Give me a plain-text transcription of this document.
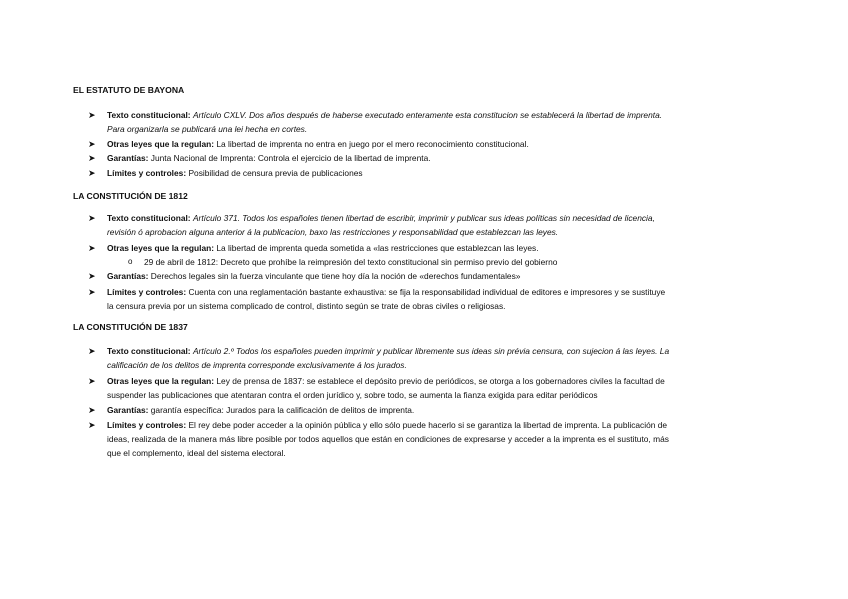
EL ESTATUTO DE BAYONA
➤ Texto constitucional: Artículo CXLV. Dos años después de haberse executado enteramente esta constitucion se establecerá la libertad de imprenta.
Para organizarla se publicará una lei hecha en cortes.
➤ Otras leyes que la regulan: La libertad de imprenta no entra en juego por el mero reconocimiento constitucional.
➤ Garantías: Junta Nacional de Imprenta: Controla el ejercicio de la libertad de imprenta.
➤ Límites y controles: Posibilidad de censura previa de publicaciones
LA CONSTITUCIÓN DE 1812
➤ Texto constitucional: Artículo 371. Todos los españoles tienen libertad de escribir, imprimir y publicar sus ideas políticas sin necesidad de licencia,
revisión ó aprobacion alguna anterior á la publicacion, baxo las restricciones y responsabilidad que establezcan las leyes.
➤ Otras leyes que la regulan: La libertad de imprenta queda sometida a «las restricciones que establezcan las leyes.
o 29 de abril de 1812: Decreto que prohíbe la reimpresión del texto constitucional sin permiso previo del gobierno
➤ Garantías: Derechos legales sin la fuerza vinculante que tiene hoy día la noción de «derechos fundamentales»
➤ Límites y controles: Cuenta con una reglamentación bastante exhaustiva: se fija la responsabilidad individual de editores e impresores y se sustituye
la censura previa por un sistema complicado de control, distinto según se trate de obras civiles o religiosas.
LA CONSTITUCIÓN DE 1837
➤ Texto constitucional: Artículo 2.º Todos los españoles pueden imprimir y publicar libremente sus ideas sin prévia censura, con sujecion á las leyes. La
calificación de los delitos de imprenta corresponde exclusivamente á los jurados.
➤ Otras leyes que la regulan: Ley de prensa de 1837: se establece el depósito previo de periódicos, se otorga a los gobernadores civiles la facultad de
suspender las publicaciones que atentaran contra el orden jurídico y, sobre todo, se aumenta la fianza exigida para editar periódicos
➤ Garantías: garantía específica: Jurados para la calificación de delitos de imprenta.
➤ Límites y controles: El rey debe poder acceder a la opinión pública y ello sólo puede hacerlo si se garantiza la libertad de imprenta. La publicación de
ideas, realizada de la manera más libre posible por todos aquellos que están en condiciones de expresarse y acceder a la imprenta es el sustituto, más
que el complemento, ideal del sistema electoral.
